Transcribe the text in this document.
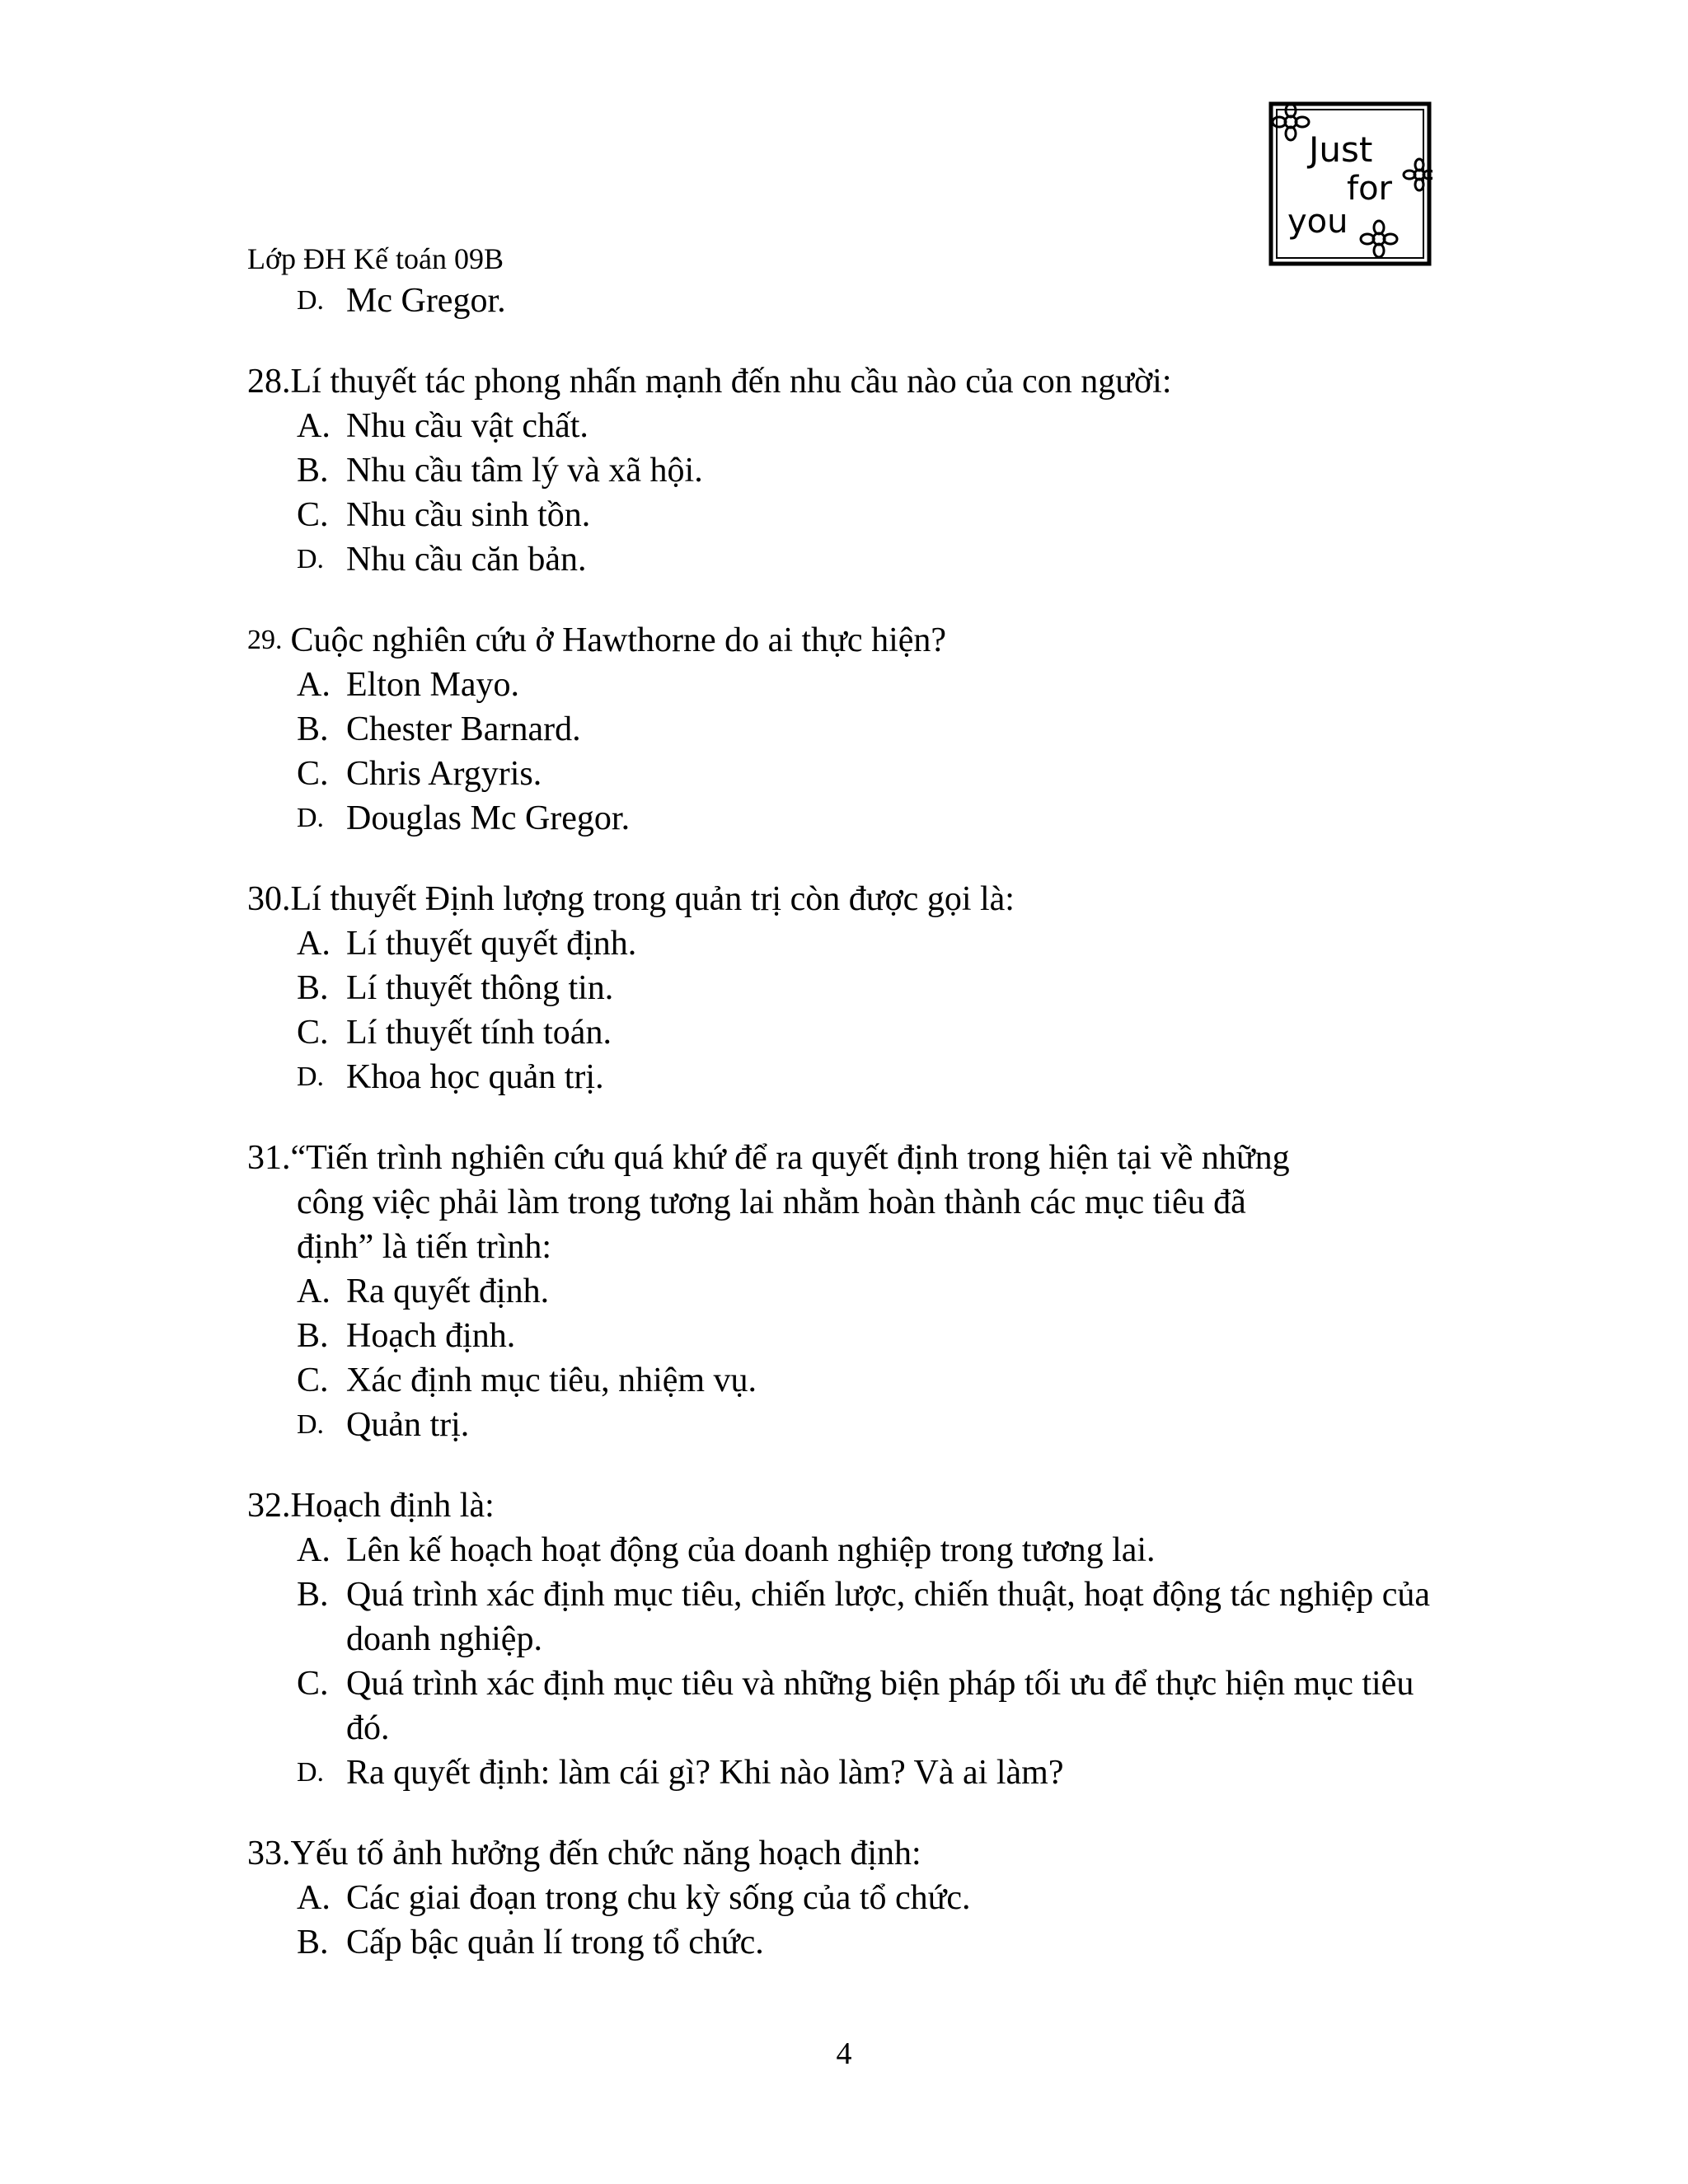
Just
for
you
Lớp ĐH Kế toán 09B
D. Mc Gregor.
28. Lí thuyết tác phong nhấn mạnh đến nhu cầu nào của con người:
A. Nhu cầu vật chất.
B. Nhu cầu tâm lý và xã hội.
C. Nhu cầu sinh tồn.
D. Nhu cầu căn bản.
29. Cuộc nghiên cứu ở Hawthorne do ai thực hiện?
A. Elton Mayo.
B. Chester Barnard.
C. Chris Argyris.
D. Douglas Mc Gregor.
30. Lí thuyết Định lượng trong quản trị còn được gọi là:
A. Lí thuyết quyết định.
B. Lí thuyết thông tin.
C. Lí thuyết tính toán.
D. Khoa học quản trị.
31. “Tiến trình nghiên cứu quá khứ để ra quyết định trong hiện tại về những
công việc phải làm trong tương lai nhằm hoàn thành các mục tiêu đã
định” là tiến trình:
A. Ra quyết định.
B. Hoạch định.
C. Xác định mục tiêu, nhiệm vụ.
D. Quản trị.
32. Hoạch định là:
A. Lên kế hoạch hoạt động của doanh nghiệp trong tương lai.
B. Quá trình xác định mục tiêu, chiến lược, chiến thuật, hoạt động tác nghiệp của doanh nghiệp.
C. Quá trình xác định mục tiêu và những biện pháp tối ưu để thực hiện mục tiêu đó.
D. Ra quyết định: làm cái gì? Khi nào làm? Và ai làm?
33. Yếu tố ảnh hưởng đến chức năng hoạch định:
A. Các giai đoạn trong chu kỳ sống của tổ chức.
B. Cấp bậc quản lí trong tổ chức.
4
